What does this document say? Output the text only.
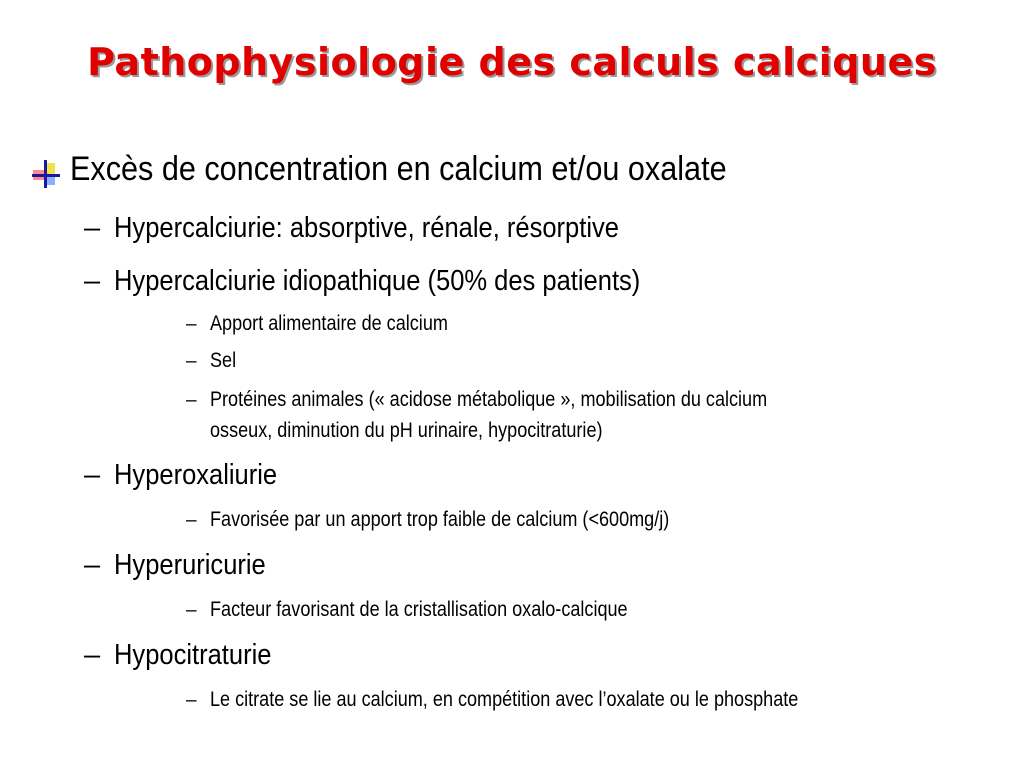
Pathophysiologie des calculs calciques
Excès de concentration en calcium et/ou oxalate
– Hypercalciurie: absorptive, rénale, résorptive
– Hypercalciurie idiopathique (50% des patients)
– Apport alimentaire de calcium
– Sel
– Protéines animales (« acidose métabolique », mobilisation du calcium
osseux, diminution du pH urinaire, hypocitraturie)
– Hyperoxaliurie
– Favorisée par un apport trop faible de calcium (<600mg/j)
– Hyperuricurie
– Facteur favorisant de la cristallisation oxalo-calcique
– Hypocitraturie
– Le citrate se lie au calcium, en compétition avec l’oxalate ou le phosphate
